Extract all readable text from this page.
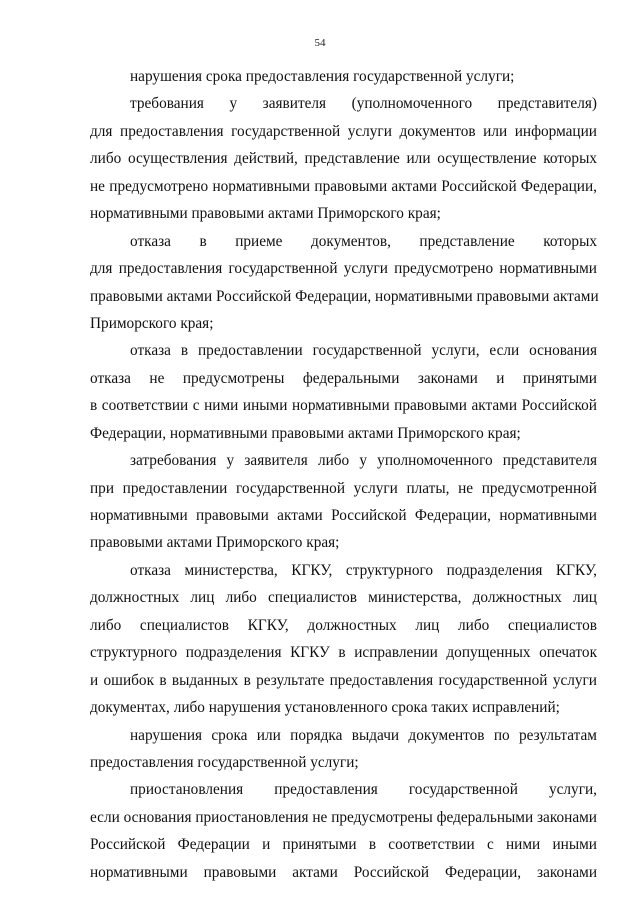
54
нарушения срока предоставления государственной услуги;
требования у заявителя (уполномоченного представителя)
для предоставления государственной услуги документов или информации
либо осуществления действий, представление или осуществление которых
не предусмотрено нормативными правовыми актами Российской Федерации,
нормативными правовыми актами Приморского края;
отказа в приеме документов, представление которых
для предоставления государственной услуги предусмотрено нормативными
правовыми актами Российской Федерации, нормативными правовыми актами
Приморского края;
отказа в предоставлении государственной услуги, если основания
отказа не предусмотрены федеральными законами и принятыми
в соответствии с ними иными нормативными правовыми актами Российской
Федерации, нормативными правовыми актами Приморского края;
затребования у заявителя либо у уполномоченного представителя
при предоставлении государственной услуги платы, не предусмотренной
нормативными правовыми актами Российской Федерации, нормативными
правовыми актами Приморского края;
отказа министерства, КГКУ, структурного подразделения КГКУ,
должностных лиц либо специалистов министерства, должностных лиц
либо специалистов КГКУ, должностных лиц либо специалистов
структурного подразделения КГКУ в исправлении допущенных опечаток
и ошибок в выданных в результате предоставления государственной услуги
документах, либо нарушения установленного срока таких исправлений;
нарушения срока или порядка выдачи документов по результатам
предоставления государственной услуги;
приостановления предоставления государственной услуги,
если основания приостановления не предусмотрены федеральными законами
Российской Федерации и принятыми в соответствии с ними иными
нормативными правовыми актами Российской Федерации, законами
